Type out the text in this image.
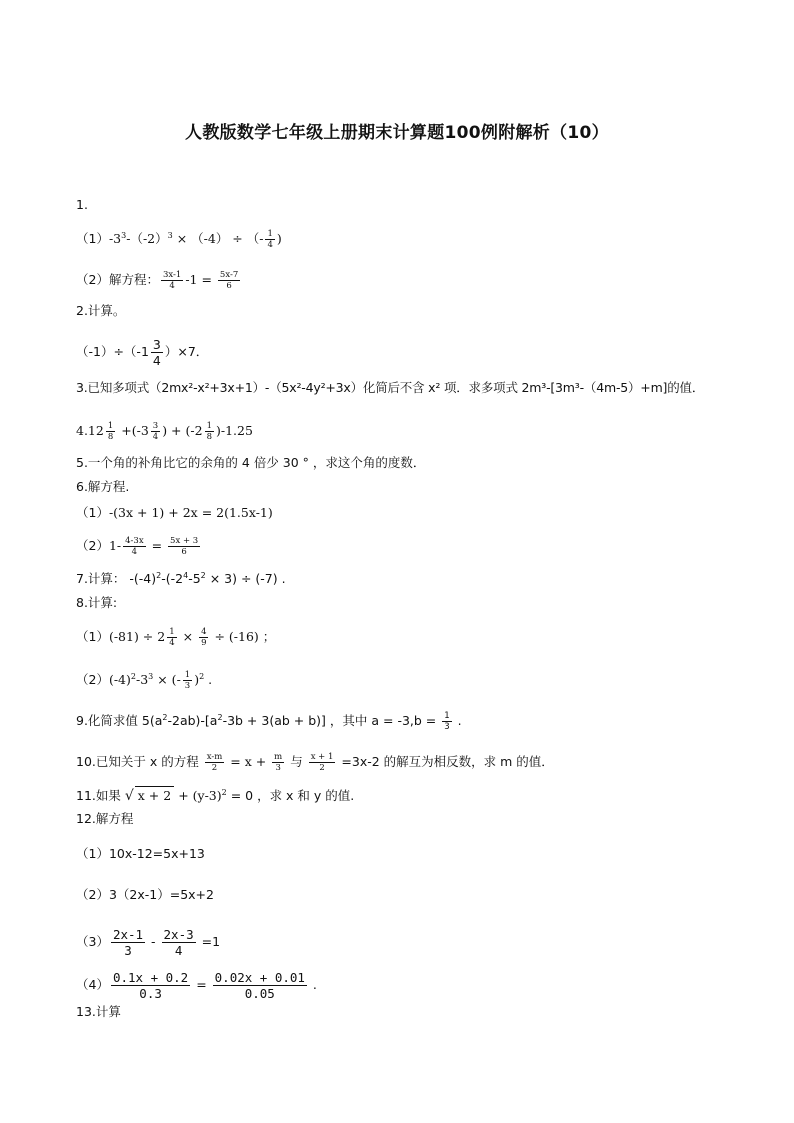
人教版数学七年级上册期末计算题100例附解析（10）
1.
$(1)-3^3-(-2)^3 \times (-4)$ ÷ （- $\frac{1}{4}$ )
（2）解方程： $\frac{3x-1}{4} -1 = \frac{5x-7}{6}$
2.计算。
$(-1)\div(-1 \frac{3}{4} )\times 7$．
3.已知多项式（2mx²-x²+3x+1）-（5x²-4y²+3x）化简后不含 x² 项．求多项式 2m³-[3m³-（4m-5）+m]的值．
$4.12 \frac{1}{8} +(-3 \frac{3}{4}$ ) + $(-2 \frac{1}{8} )-1.25$
5.一个角的补角比它的余角的 4 倍少 30 ° ，求这个角的度数．
6.解方程.
（1）-(3x + 1) + 2x = 2(1.5x-1)
$(2)1- \frac{4-3x}{4} = \frac{5x + 3}{6}$
7.计算： $-(-4)^2-(-2^4-5^2 \times 3) \div (-7)$ .
8.计算:
$(1)(-81) \div 2 \frac{1}{4} \times \frac{4}{9} \div (-16)$ ；
$(2)(-4)^2-3^3$ × (- $\frac{1}{3} )^2$ .
9.化简求值 $5(a^2-2ab)-[a^2-3b + 3(ab + b)]$ ，其中 $a = -3,b = \frac{1}{3}$ .
10.已知关于 x 的方程 $\frac{x-m}{2} = x + \frac{m}{3}$ 与 $\frac{x + 1}{2} =3x-2$ 的解互为相反数，求 m 的值．
11.如果 √ $x + 2 + (y-3)^2 = 0$ ，求 x 和 y 的值.
12.解方程
（1）10x-12=5x+13
（2）3（2x-1）=5x+2
$(3) \frac{2x-1}{3} - \frac{2x-3}{4} =1$
$(4) \frac{0.1x + 0.2}{0.3} = \frac{0.02x + 0.01}{0.05}$ .
13.计算
